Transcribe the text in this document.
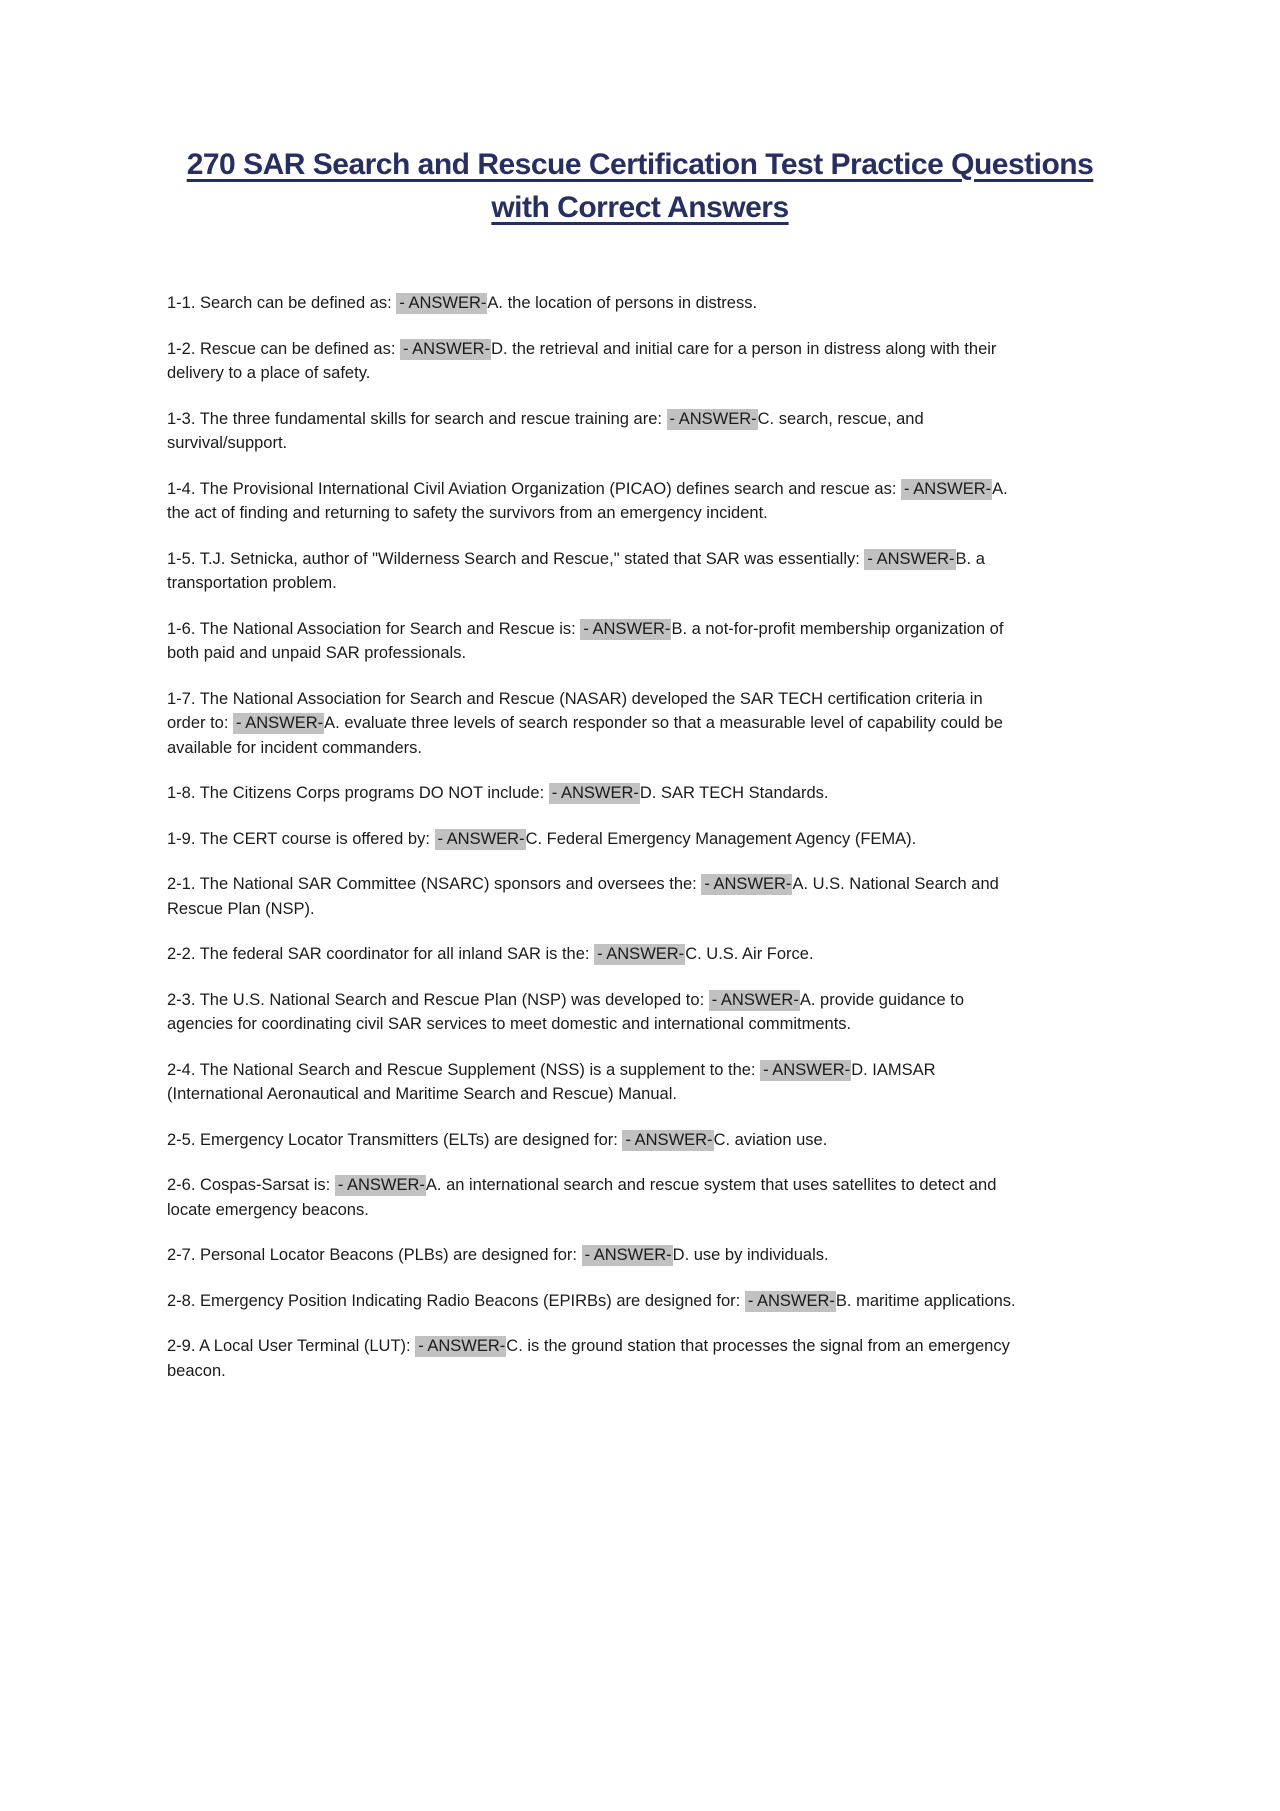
270 SAR Search and Rescue Certification Test Practice Questions with Correct Answers

1-1. Search can be defined as: - ANSWER-A. the location of persons in distress.

1-2. Rescue can be defined as: - ANSWER-D. the retrieval and initial care for a person in distress along with their delivery to a place of safety.

1-3. The three fundamental skills for search and rescue training are: - ANSWER-C. search, rescue, and survival/support.

1-4. The Provisional International Civil Aviation Organization (PICAO) defines search and rescue as: - ANSWER-A. the act of finding and returning to safety the survivors from an emergency incident.

1-5. T.J. Setnicka, author of "Wilderness Search and Rescue," stated that SAR was essentially: - ANSWER-B. a transportation problem.

1-6. The National Association for Search and Rescue is: - ANSWER-B. a not-for-profit membership organization of both paid and unpaid SAR professionals.

1-7. The National Association for Search and Rescue (NASAR) developed the SAR TECH certification criteria in order to: - ANSWER-A. evaluate three levels of search responder so that a measurable level of capability could be available for incident commanders.

1-8. The Citizens Corps programs DO NOT include: - ANSWER-D. SAR TECH Standards.

1-9. The CERT course is offered by: - ANSWER-C. Federal Emergency Management Agency (FEMA).

2-1. The National SAR Committee (NSARC) sponsors and oversees the: - ANSWER-A. U.S. National Search and Rescue Plan (NSP).

2-2. The federal SAR coordinator for all inland SAR is the: - ANSWER-C. U.S. Air Force.

2-3. The U.S. National Search and Rescue Plan (NSP) was developed to: - ANSWER-A. provide guidance to agencies for coordinating civil SAR services to meet domestic and international commitments.

2-4. The National Search and Rescue Supplement (NSS) is a supplement to the: - ANSWER-D. IAMSAR (International Aeronautical and Maritime Search and Rescue) Manual.

2-5. Emergency Locator Transmitters (ELTs) are designed for: - ANSWER-C. aviation use.

2-6. Cospas-Sarsat is: - ANSWER-A. an international search and rescue system that uses satellites to detect and locate emergency beacons.

2-7. Personal Locator Beacons (PLBs) are designed for: - ANSWER-D. use by individuals.

2-8. Emergency Position Indicating Radio Beacons (EPIRBs) are designed for: - ANSWER-B. maritime applications.

2-9. A Local User Terminal (LUT): - ANSWER-C. is the ground station that processes the signal from an emergency beacon.
